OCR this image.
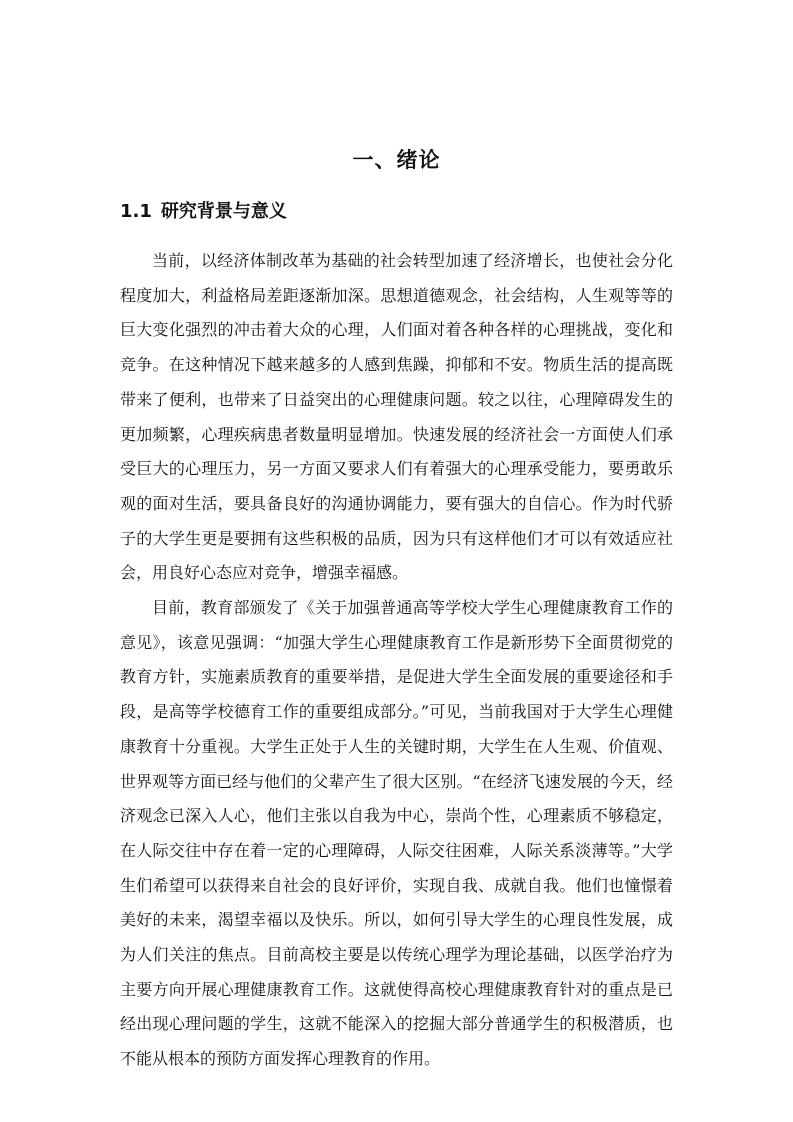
一、绪论
1.1 研究背景与意义

当前，以经济体制改革为基础的社会转型加速了经济增长，也使社会分化程度加大，利益格局差距逐渐加深。思想道德观念，社会结构，人生观等等的巨大变化强烈的冲击着大众的心理，人们面对着各种各样的心理挑战，变化和竞争。在这种情况下越来越多的人感到焦躁，抑郁和不安。物质生活的提高既带来了便利，也带来了日益突出的心理健康问题。较之以往，心理障碍发生的更加频繁，心理疾病患者数量明显增加。快速发展的经济社会一方面使人们承受巨大的心理压力，另一方面又要求人们有着强大的心理承受能力，要勇敢乐观的面对生活，要具备良好的沟通协调能力，要有强大的自信心。作为时代骄子的大学生更是要拥有这些积极的品质，因为只有这样他们才可以有效适应社会，用良好心态应对竞争，增强幸福感。

目前，教育部颁发了《关于加强普通高等学校大学生心理健康教育工作的意见》，该意见强调：“加强大学生心理健康教育工作是新形势下全面贯彻党的教育方针，实施素质教育的重要举措，是促进大学生全面发展的重要途径和手段，是高等学校德育工作的重要组成部分。”可见，当前我国对于大学生心理健康教育十分重视。大学生正处于人生的关键时期，大学生在人生观、价值观、世界观等方面已经与他们的父辈产生了很大区别。“在经济飞速发展的今天，经济观念已深入人心，他们主张以自我为中心，崇尚个性，心理素质不够稳定，在人际交往中存在着一定的心理障碍，人际交往困难，人际关系淡薄等。”大学生们希望可以获得来自社会的良好评价，实现自我、成就自我。他们也憧憬着美好的未来，渴望幸福以及快乐。所以，如何引导大学生的心理良性发展，成为人们关注的焦点。目前高校主要是以传统心理学为理论基础，以医学治疗为主要方向开展心理健康教育工作。这就使得高校心理健康教育针对的重点是已经出现心理问题的学生，这就不能深入的挖掘大部分普通学生的积极潜质，也不能从根本的预防方面发挥心理教育的作用。
